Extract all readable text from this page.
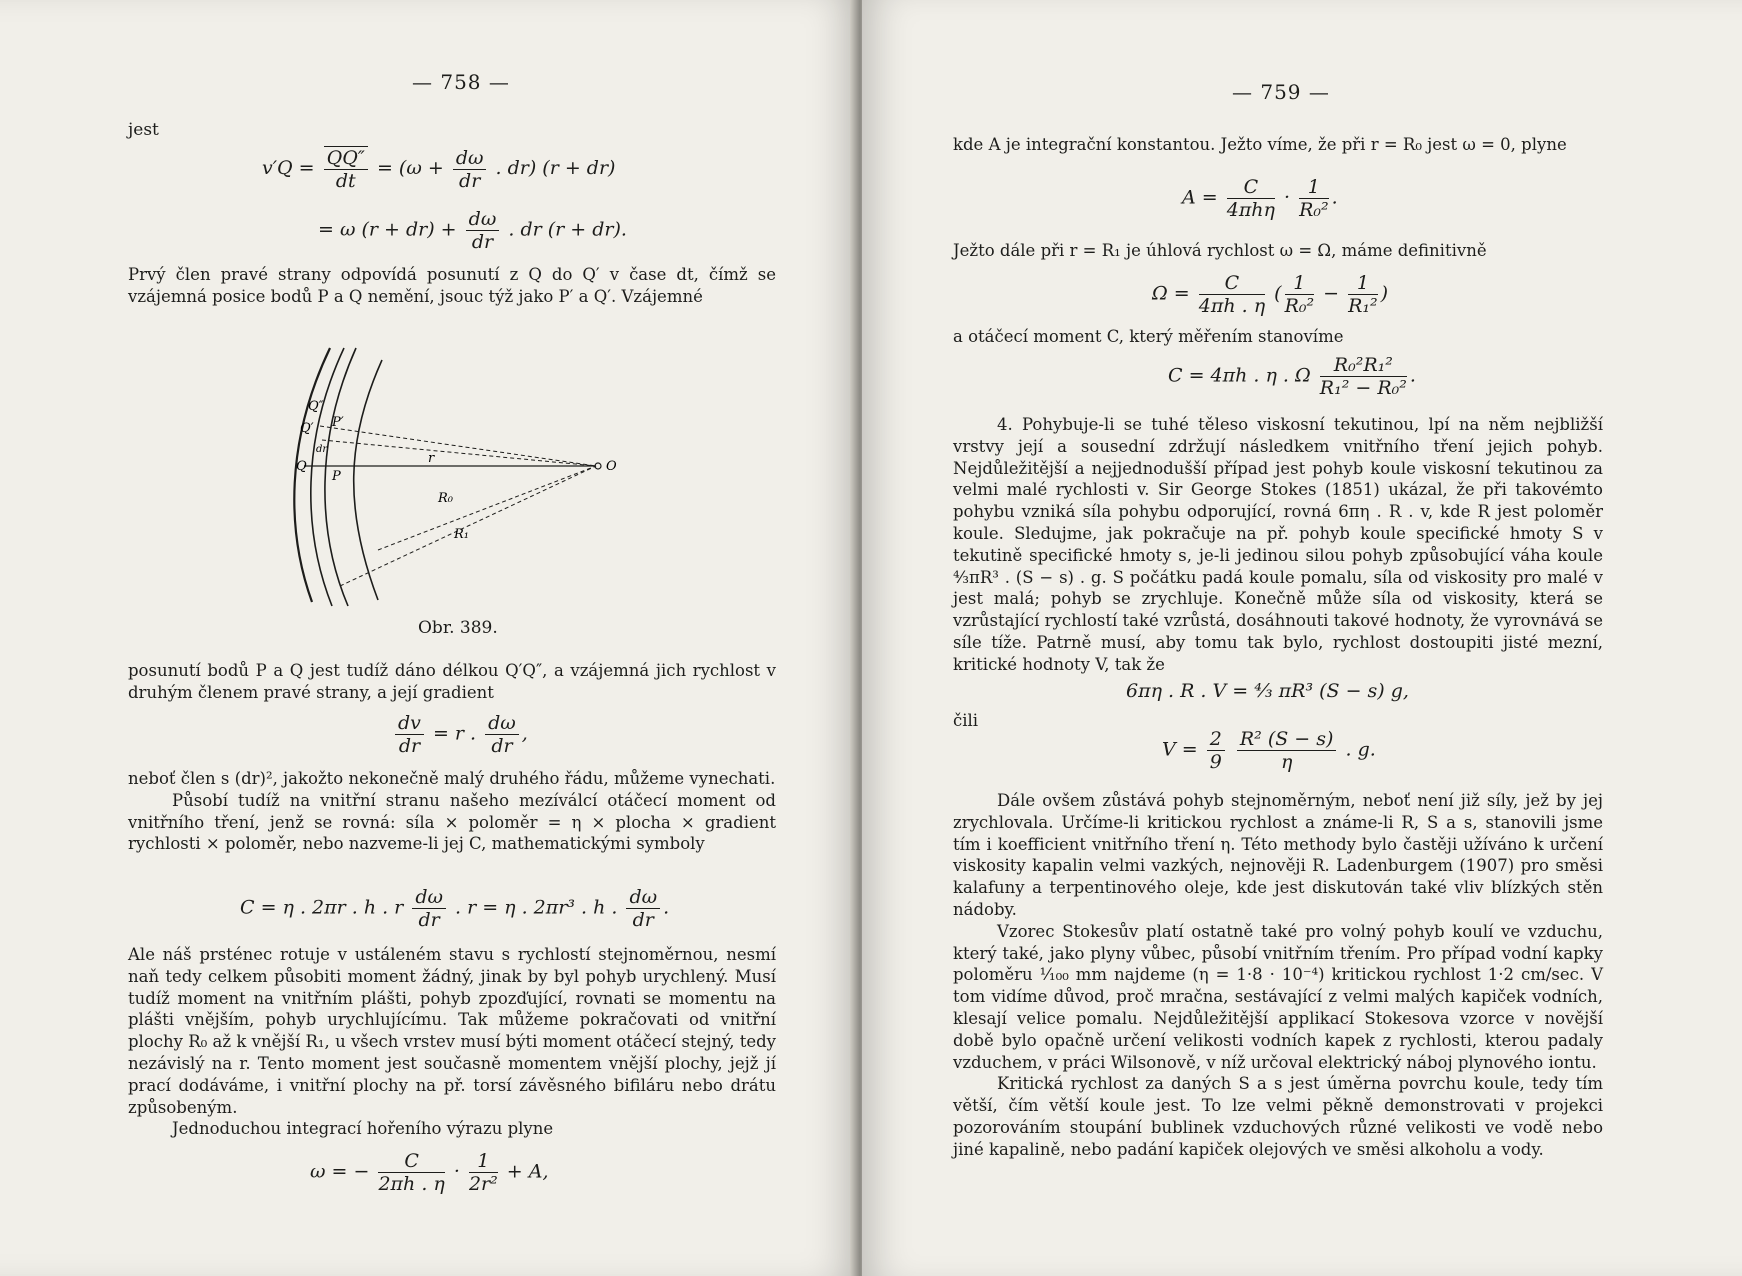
— 758 —
jest
$v'Q = \frac{QQ''}{dt} = (\omega + \frac{d\omega}{dr}$ . dr) (r + dr)
= ω $(r + dr) + \frac{d\omega}{dr}$ . dr (r + dr).

Prvý člen pravé strany odpovídá posunutí z Q do Q′ v čase dt, čímž se vzájemná posice bodů P a Q nemění, jsouc týž jako P′ a Q′. Vzájemné

Q″
Q′
Q
P′
P
dr
r
R₀
R₁
O
Obr. 389.

posunutí bodů P a Q jest tudíž dáno délkou Q′Q″, a vzájemná jich rychlost v druhým členem pravé strany, a její gradient

$\frac{dv}{dr} = r$ . $\frac{d\omega}{dr}$ ,

neboť člen s (dr)², jakožto nekonečně malý druhého řádu, můžeme vynechati.

Působí tudíž na vnitřní stranu našeho mezíválcí otáčecí moment od vnitřního tření, jenž se rovná: síla × poloměr = η × plocha × gradient rychlosti × poloměr, nebo nazveme-li jej C, mathematickými symboly

C = η . 2πr . h . r $\frac{d\omega}{dr}$ . r = η . 2πr³ . h . $\frac{d\omega}{dr}$ .

Ale náš prsténec rotuje v ustáleném stavu s rychlostí stejnoměrnou, nesmí naň tedy celkem působiti moment žádný, jinak by byl pohyb urychlený. Musí tudíž moment na vnitřním plášti, pohyb zpozďující, rovnati se momentu na plášti vnějším, pohyb urychlujícímu. Tak můžeme pokračovati od vnitřní plochy R₀ až k vnější R₁, u všech vrstev musí býti moment otáčecí stejný, tedy nezávislý na r. Tento moment jest současně momentem vnější plochy, jejž jí prací dodáváme, i vnitřní plochy na př. torsí závěsného bifiláru nebo drátu způsobeným.

Jednoduchou integrací hořeního výrazu plyne

ω = − $\frac{C}{2\pi h . \eta} \cdot \frac{1}{\text{2r²}} + A$,
— 759 —

kde A je integrační konstantou. Ježto víme, že při r = R₀ jest ω = 0, plyne

$A = \frac{C}{\text{4πhη}} \cdot \frac{1}{\text{R₀²}}$ .

Ježto dále při r = R₁ je úhlová rychlost ω = Ω, máme definitivně

$\Omega = \frac{C}{4\pi h . \eta}$ ( $\frac{1}{\text{R₀²}} - \frac{1}{\text{R₁²}}$ )

a otáčecí moment C, který měřením stanovíme

C = 4πh . η . Ω $\frac{\text{R₀²R₁²}}{\text{R₁² − R₀²}}$ .

4. Pohybuje-li se tuhé těleso viskosní tekutinou, lpí na něm nejbližší vrstvy její a sousední zdržují následkem vnitřního tření jejich pohyb. Nejdůležitější a nejjednodušší případ jest pohyb koule viskosní tekutinou za velmi malé rychlosti v. Sir George Stokes (1851) ukázal, že při takovémto pohybu vzniká síla pohybu odporující, rovná 6πη . R . v, kde R jest poloměr koule. Sledujme, jak pokračuje na př. pohyb koule specifické hmoty S v tekutině specifické hmoty s, je-li jedinou silou pohyb způsobující váha koule ⁴⁄₃πR³ . (S − s) . g. S počátku padá koule pomalu, síla od viskosity pro malé v jest malá; pohyb se zrychluje. Konečně může síla od viskosity, která se vzrůstající rychlostí také vzrůstá, dosáhnouti takové hodnoty, že vyrovnává se síle tíže. Patrně musí, aby tomu tak bylo, rychlost dostoupiti jisté mezní, kritické hodnoty V, tak že

6πη . R . V = ⁴⁄₃ πR³ (S − s) g,
čili
$V = \frac{2}{9}$
$\frac{\text{R² (S − s)}}{\eta}$ . g.

Dále ovšem zůstává pohyb stejnoměrným, neboť není již síly, jež by jej zrychlovala. Určíme-li kritickou rychlost a známe-li R, S a s, stanovili jsme tím i koefficient vnitřního tření η. Této methody bylo častěji užíváno k určení viskosity kapalin velmi vazkých, nejnověji R. Ladenburgem (1907) pro směsi kalafuny a terpentinového oleje, kde jest diskutován také vliv blízkých stěn nádoby.

Vzorec Stokesův platí ostatně také pro volný pohyb koulí ve vzduchu, který také, jako plyny vůbec, působí vnitřním třením. Pro případ vodní kapky poloměru ¹⁄₁₀₀ mm najdeme (η = 1·8 · 10⁻⁴) kritickou rychlost 1·2 cm/sec. V tom vidíme důvod, proč mračna, sestávající z velmi malých kapiček vodních, klesají velice pomalu. Nejdůležitější applikací Stokesova vzorce v novější době bylo opačně určení velikosti vodních kapek z rychlosti, kterou padaly vzduchem, v práci Wilsonově, v níž určoval elektrický náboj plynového iontu.

Kritická rychlost za daných S a s jest úměrna povrchu koule, tedy tím větší, čím větší koule jest. To lze velmi pěkně demonstrovati v projekci pozorováním stoupání bublinek vzduchových různé velikosti ve vodě nebo jiné kapalině, nebo padání kapiček olejových ve směsi alkoholu a vody.
